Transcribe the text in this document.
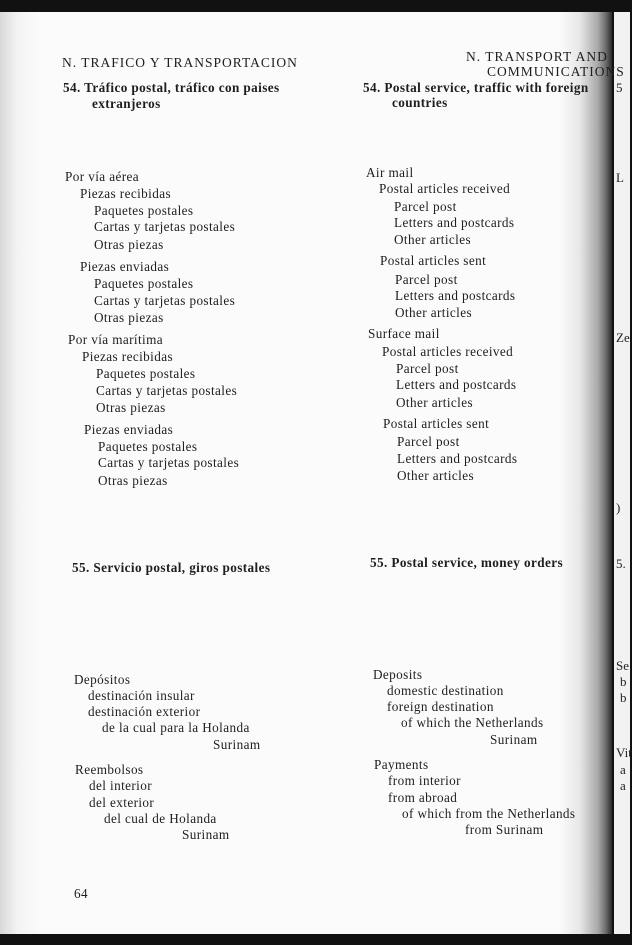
N. TRAFICO Y TRANSPORTACION
54. Tráfico postal, tráfico con paises
extranjeros
Por vía aérea
Piezas recibidas
Paquetes postales
Cartas y tarjetas postales
Otras piezas
Piezas enviadas
Paquetes postales
Cartas y tarjetas postales
Otras piezas
Por vía marítima
Piezas recibidas
Paquetes postales
Cartas y tarjetas postales
Otras piezas
Piezas enviadas
Paquetes postales
Cartas y tarjetas postales
Otras piezas
55. Servicio postal, giros postales
Depósitos
destinación insular
destinación exterior
de la cual para la Holanda
Surinam
Reembolsos
del interior
del exterior
del cual de Holanda
Surinam
64
N. TRANSPORT AND
COMMUNICATIONS
54. Postal service, traffic with foreign
countries
Air mail
Postal articles received
Parcel post
Letters and postcards
Other articles
Postal articles sent
Parcel post
Letters and postcards
Other articles
Surface mail
Postal articles received
Parcel post
Letters and postcards
Other articles
Postal articles sent
Parcel post
Letters and postcards
Other articles
55. Postal service, money orders
Deposits
domestic destination
foreign destination
of which the Netherlands
Surinam
Payments
from interior
from abroad
of which from the Netherlands
from Surinam
5
L
Ze
)
5.
Se
b
b
Vit
a
a
